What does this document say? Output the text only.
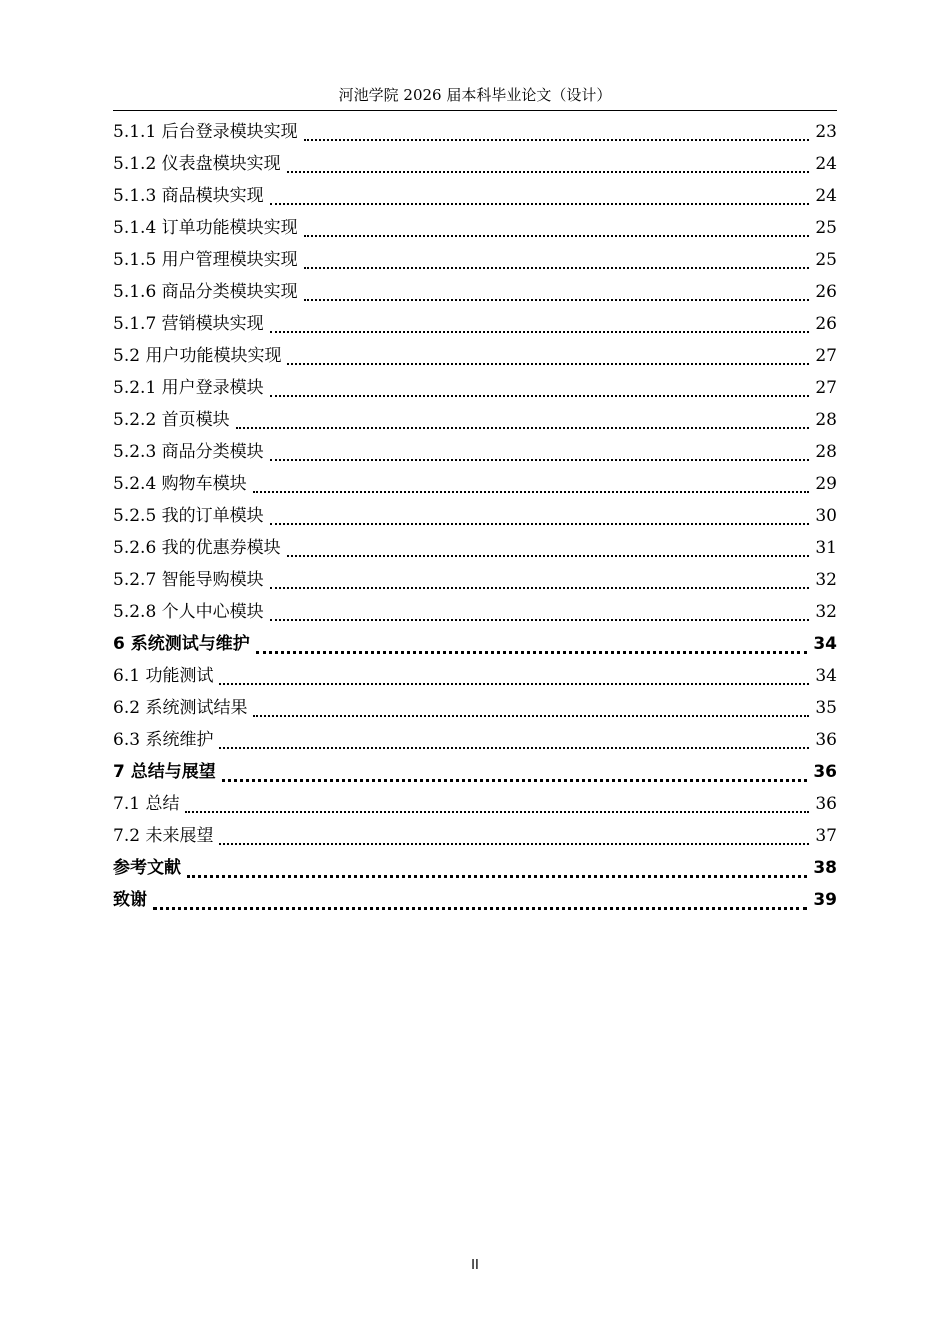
河池学院 2026 届本科毕业论文（设计）
5.1.1 后台登录模块实现	23
5.1.2 仪表盘模块实现	24
5.1.3 商品模块实现	24
5.1.4 订单功能模块实现	25
5.1.5 用户管理模块实现	25
5.1.6 商品分类模块实现	26
5.1.7 营销模块实现	26
5.2 用户功能模块实现	27
5.2.1 用户登录模块	27
5.2.2 首页模块	28
5.2.3 商品分类模块	28
5.2.4 购物车模块	29
5.2.5 我的订单模块	30
5.2.6 我的优惠券模块	31
5.2.7 智能导购模块	32
5.2.8 个人中心模块	32
6 系统测试与维护	34
6.1 功能测试	34
6.2 系统测试结果	35
6.3 系统维护	36
7 总结与展望	36
7.1 总结	36
7.2 未来展望	37
参考文献	38
致谢	39
II
